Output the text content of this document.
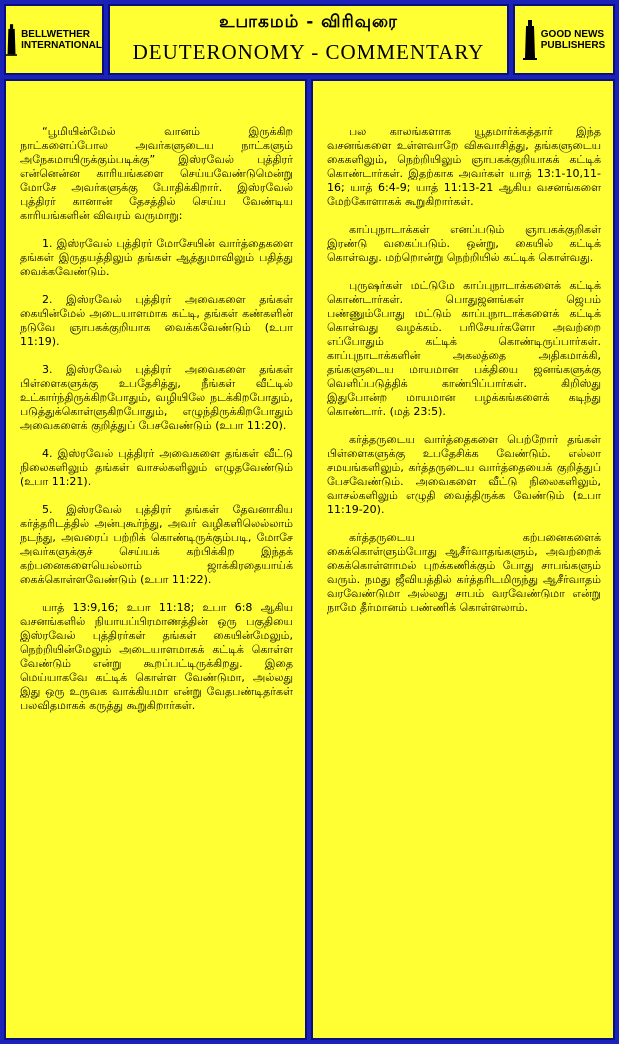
BELLWETHER
INTERNATIONAL
உபாகமம் - விரிவுரை
DEUTERONOMY - COMMENTARY
GOOD NEWS
PUBLISHERS

“பூமியின்மேல் வானம் இருக்கிற நாட்களைப்போல அவர்களுடைய நாட்களும் அநேகமாயிருக்கும்படிக்கு” இஸ்ரவேல் புத்திரர் என்னென்ன காரியங்களை செய்யவேண்டுமென்று மோசே அவர்களுக்கு போதிக்கிறார். இஸ்ரவேல் புத்திரர் கானான் தேசத்தில் செய்ய வேண்டிய காரியங்களின் விவரம் வருமாறு:

1. இஸ்ரவேல் புத்திரர் மோசேயின் வார்த்தைகளை தங்கள் இருதயத்திலும் தங்கள் ஆத்துமாவிலும் பதித்து வைக்கவேண்டும்.

2. இஸ்ரவேல் புத்திரர் அவைகளை தங்கள் கையின்மேல் அடையாளமாக கட்டி, தங்கள் கண்களின் நடுவே ஞாபகக்குறியாக வைக்கவேண்டும் (உபா 11:19).

3. இஸ்ரவேல் புத்திரர் அவைகளை தங்கள் பிள்ளைகளுக்கு உபதேசித்து, நீங்கள் வீட்டில் உட்கார்ந்திருக்கிறபோதும், வழியிலே நடக்கிறபோதும், படுத்துக்கொள்ளுகிறபோதும், எழுந்திருக்கிறபோதும் அவைகளைக் குறித்துப் பேசவேண்டும் (உபா 11:20).

4. இஸ்ரவேல் புத்திரர் அவைகளை தங்கள் வீட்டு நிலைகளிலும் தங்கள் வாசல்களிலும் எழுதவேண்டும் (உபா 11:21).

5. இஸ்ரவேல் புத்திரர் தங்கள் தேவனாகிய கர்த்தரிடத்தில் அன்புகூர்ந்து, அவர் வழிகளிலெல்லாம் நடந்து, அவரைப் பற்றிக் கொண்டிருக்கும்படி, மோசே அவர்களுக்குச் செய்யக் கற்பிக்கிற இந்தக் கற்பனைகளையெல்லாம் ஜாக்கிரதையாய்க் கைக்கொள்ளவேண்டும் (உபா 11:22).

யாத் 13:9,16; உபா 11:18; உபா 6:8 ஆகிய வசனங்களில் நியாயப்பிரமாணத்தின் ஒரு பகுதியை இஸ்ரவேல் புத்திரர்கள் தங்கள் கையின்மேலும், நெற்றியின்மேலும் அடையாளமாகக் கட்டிக் கொள்ள வேண்டும் என்று கூறப்பட்டிருக்கிறது. இதை மெய்யாகவே கட்டிக் கொள்ள வேண்டுமா, அல்லது இது ஒரு உருவக வாக்கியமா என்று வேதபண்டிதர்கள் பலவிதமாகக் கருத்து கூறுகிறார்கள்.

பல காலங்களாக யூதமார்க்கத்தார் இந்த வசனங்களை உள்ளவாறே விசுவாசித்து, தங்களுடைய கைகளிலும், நெற்றியிலும் ஞாபகக்குறியாகக் கட்டிக் கொண்டார்கள். இதற்காக அவர்கள் யாத் 13:1-10,11-16; யாத் 6:4-9; யாத் 11:13-21 ஆகிய வசனங்களை மேற்கோளாகக் கூறுகிறார்கள்.

காப்புநாடாக்கள் எனப்படும் ஞாபகக்குறிகள் இரண்டு வகைப்படும். ஒன்று, கையில் கட்டிக் கொள்வது. மற்றொன்று நெற்றியில் கட்டிக் கொள்வது.

புருஷர்கள் மட்டுமே காப்புநாடாக்களைக் கட்டிக் கொண்டார்கள். பொதுஜனங்கள் ஜெபம் பண்ணும்போது மட்டும் காப்புநாடாக்களைக் கட்டிக் கொள்வது வழக்கம். பரிசேயர்களோ அவற்றை எப்போதும் கட்டிக் கொண்டிருப்பார்கள். காப்புநாடாக்களின் அகலத்தை அதிகமாக்கி, தங்களுடைய மாயமான பக்தியை ஜனங்களுக்கு வெளிப்படுத்திக் காண்பிப்பார்கள். கிறிஸ்து இதுபோன்ற மாயமான பழக்கங்களைக் கடிந்து கொண்டார். (மத் 23:5).

கர்த்தருடைய வார்த்தைகளை பெற்றோர் தங்கள் பிள்ளைகளுக்கு உபதேசிக்க வேண்டும். எல்லா சமயங்களிலும், கர்த்தருடைய வார்த்தையைக் குறித்துப் பேசவேண்டும். அவைகளை வீட்டு நிலைகளிலும், வாசல்களிலும் எழுதி வைத்திருக்க வேண்டும் (உபா 11:19-20).

கர்த்தருடைய கற்பனைகளைக் கைக்கொள்ளும்போது ஆசீர்வாதங்களும், அவற்றைக் கைக்கொள்ளாமல் புறக்கணிக்கும் போது சாபங்களும் வரும். நமது ஜீவியத்தில் கர்த்தரிடமிருந்து ஆசீர்வாதம் வரவேண்டுமா அல்லது சாபம் வரவேண்டுமா என்று நாமே தீர்மானம் பண்ணிக் கொள்ளலாம்.
